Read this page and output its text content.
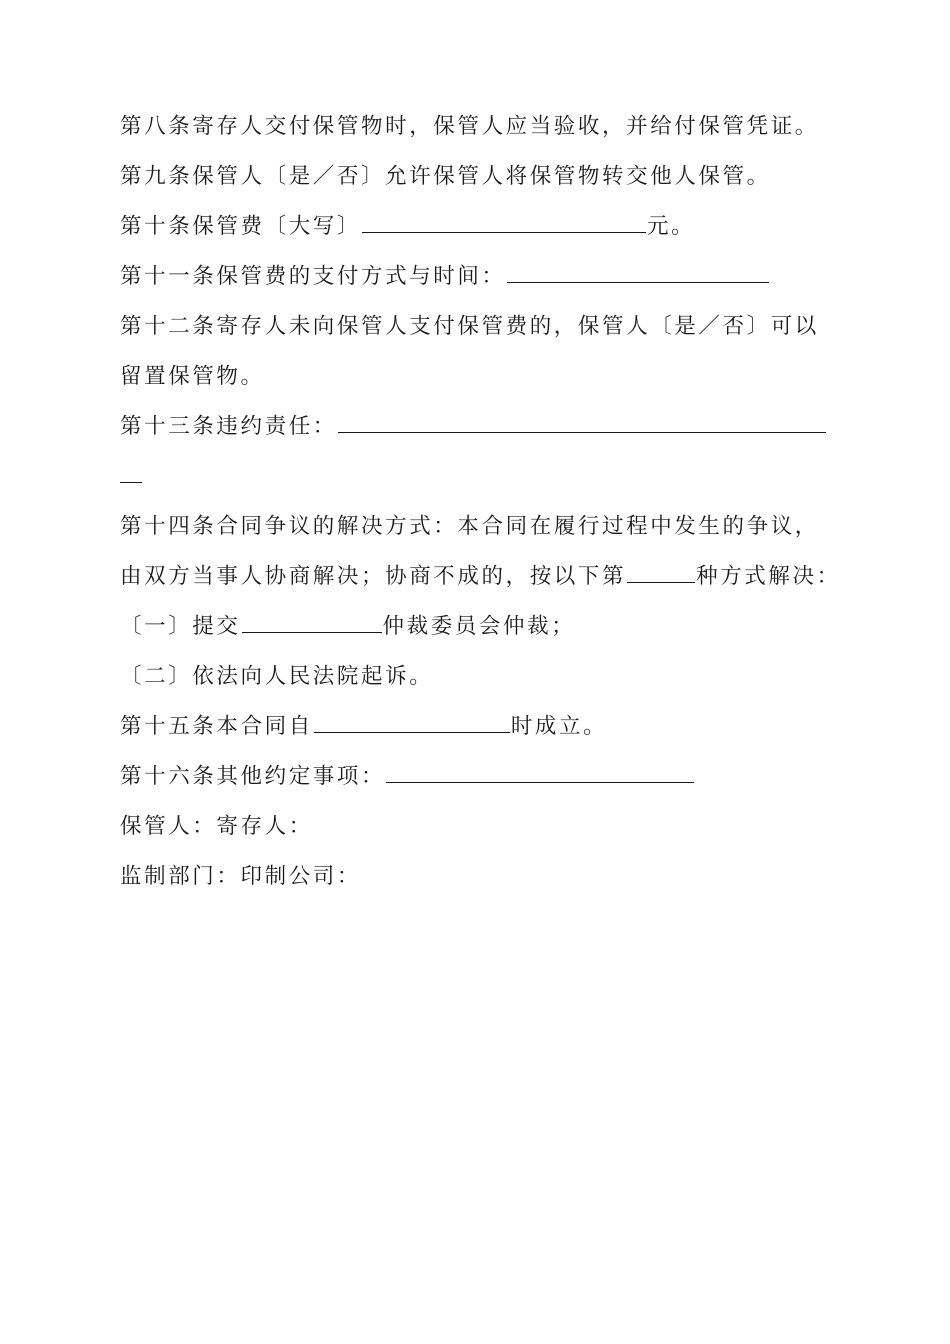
第八条寄存人交付保管物时，保管人应当验收，并给付保管凭证。
第九条保管人〔是／否〕允许保管人将保管物转交他人保管。
第十条保管费〔大写〕	元。
第十一条保管费的支付方式与时间：
第十二条寄存人未向保管人支付保管费的，保管人〔是／否〕可以
留置保管物。
第十三条违约责任：
第十四条合同争议的解决方式：本合同在履行过程中发生的争议，
由双方当事人协商解决；协商不成的，按以下第	种方式解决：
〔一〕提交	仲裁委员会仲裁；
〔二〕依法向人民法院起诉。
第十五条本合同自	时成立。
第十六条其他约定事项：
保管人：寄存人：
监制部门：印制公司：
